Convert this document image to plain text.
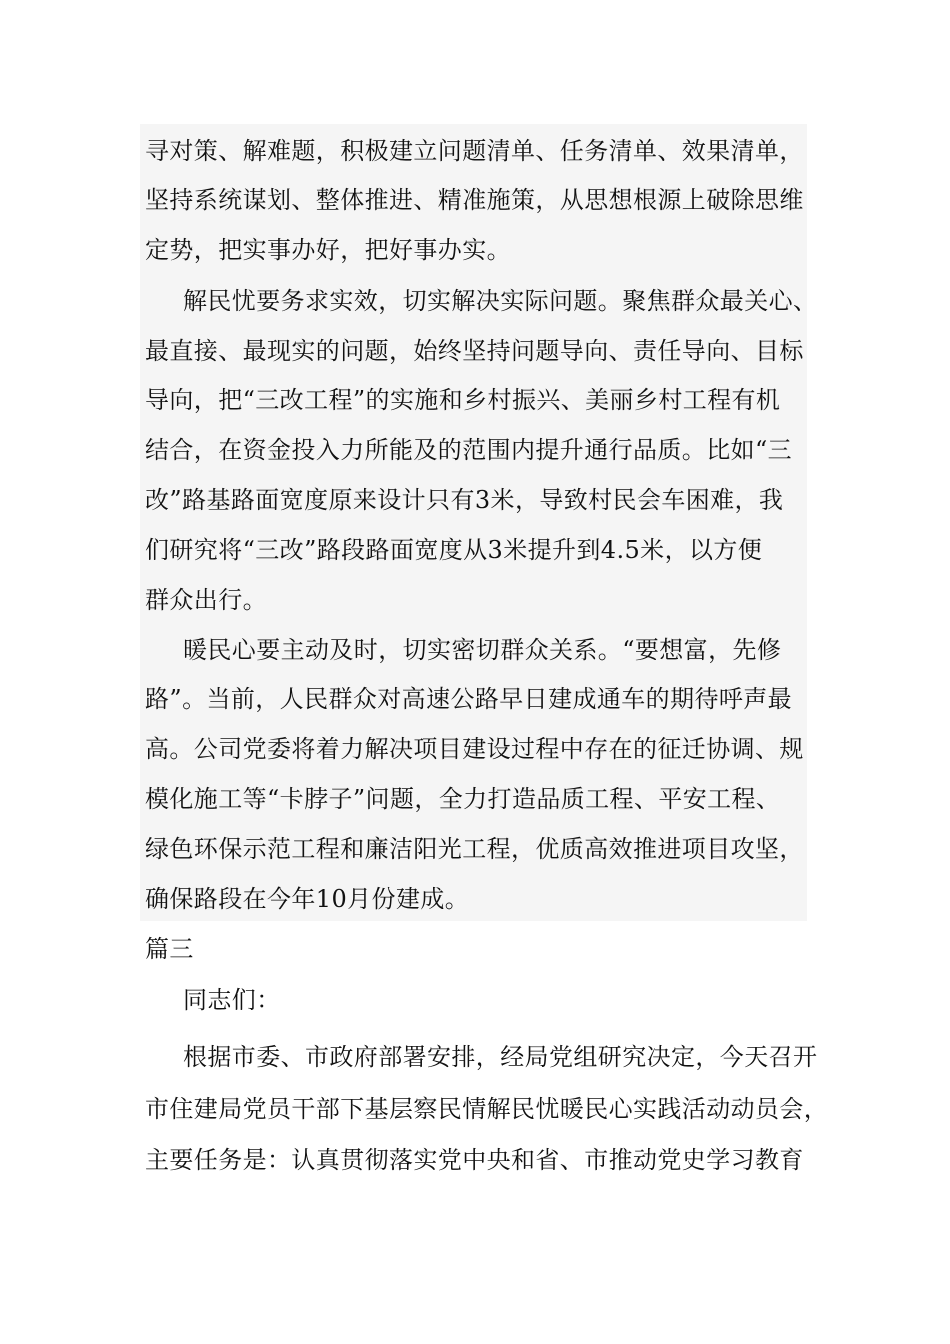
寻对策、解难题，积极建立问题清单、任务清单、效果清单，
坚持系统谋划、整体推进、精准施策，从思想根源上破除思维
定势，把实事办好，把好事办实。
解民忧要务求实效，切实解决实际问题。聚焦群众最关心、
最直接、最现实的问题，始终坚持问题导向、责任导向、目标
导向，把“三改工程”的实施和乡村振兴、美丽乡村工程有机
结合，在资金投入力所能及的范围内提升通行品质。比如“三
改”路基路面宽度原来设计只有3米，导致村民会车困难，我
们研究将“三改”路段路面宽度从3米提升到4.5米，以方便
群众出行。
暖民心要主动及时，切实密切群众关系。“要想富，先修
路”。当前，人民群众对高速公路早日建成通车的期待呼声最
高。公司党委将着力解决项目建设过程中存在的征迁协调、规
模化施工等“卡脖子”问题，全力打造品质工程、平安工程、
绿色环保示范工程和廉洁阳光工程，优质高效推进项目攻坚，
确保路段在今年10月份建成。
篇三
同志们：
根据市委、市政府部署安排，经局党组研究决定，今天召开
市住建局党员干部下基层察民情解民忧暖民心实践活动动员会，
主要任务是：认真贯彻落实党中央和省、市推动党史学习教育
